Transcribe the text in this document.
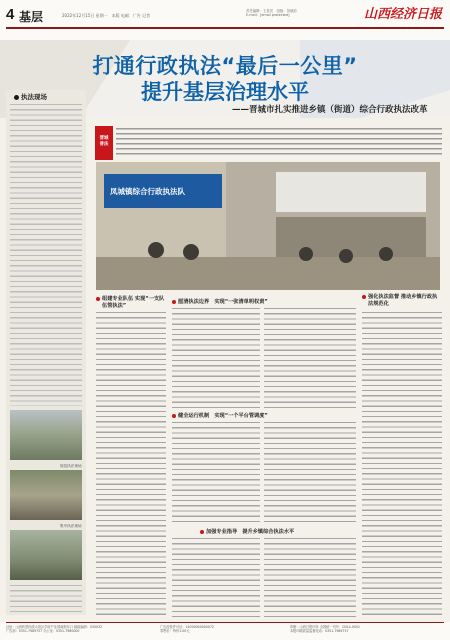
4 基层	2022年12月15日 星期一　本版 电邮：广告 记者
责任编辑：王显亮　组版：刘晓彩
E-mail：[email protected]	山西经济日报
打通行政执法“最后一公里”
提升基层治理水平
——晋城市扎实推进乡镇（街道）综合行政执法改革
执法现场
规范执法现场
集中执法现场
晋城
普法
凤城镇综合行政执法队
组建专业队伍 实现“一支队伍管执法”
厘清执法边界　实现“一张清单明权责”
强化执法监督 推动乡镇行政执法规范化
健全运行机制　实现“一个平台管调度”
加强专业指导　提升乡镇综合执法水平
社址：山西转型综改示范区学府产业园南街东口 邮政编码：030032
广告部：0351-7989757 办公室：0351-7980000
广告经营许可证：14000040000072
零售价：每份1.00元
印刷：山西日报印务 全国统一刊号：CN14-0052
本报印刷质量监督电话：0351-7989757
